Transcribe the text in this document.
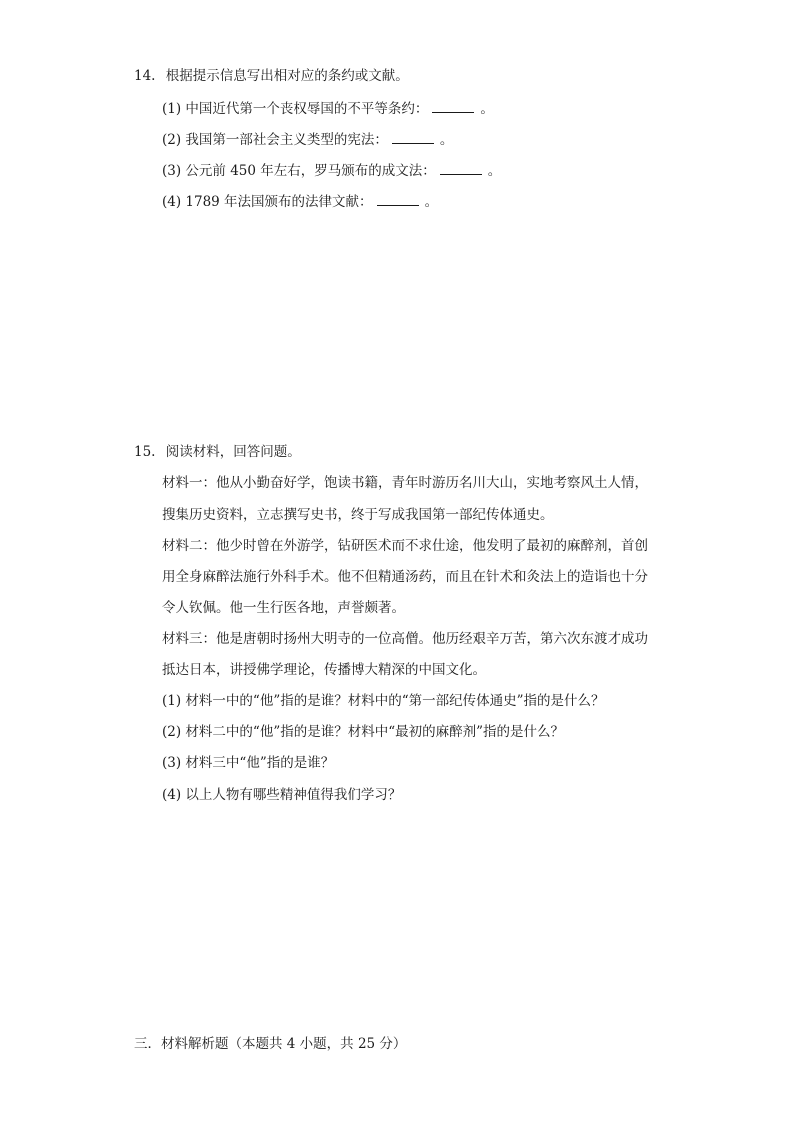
14. 根据提示信息写出相对应的条约或文献。
(1) 中国近代第一个丧权辱国的不平等条约：	。
(2) 我国第一部社会主义类型的宪法：	。
(3) 公元前 450 年左右，罗马颁布的成文法：	。
(4) 1789 年法国颁布的法律文献：	。
15. 阅读材料，回答问题。
材料一：他从小勤奋好学，饱读书籍，青年时游历名川大山，实地考察风土人情，
搜集历史资料，立志撰写史书，终于写成我国第一部纪传体通史。
材料二：他少时曾在外游学，钻研医术而不求仕途，他发明了最初的麻醉剂，首创
用全身麻醉法施行外科手术。他不但精通汤药，而且在针术和灸法上的造诣也十分
令人钦佩。他一生行医各地，声誉颇著。
材料三：他是唐朝时扬州大明寺的一位高僧。他历经艰辛万苦，第六次东渡才成功
抵达日本，讲授佛学理论，传播博大精深的中国文化。
(1) 材料一中的“他”指的是谁？材料中的“第一部纪传体通史”指的是什么？
(2) 材料二中的“他”指的是谁？材料中“最初的麻醉剂”指的是什么？
(3) 材料三中“他”指的是谁？
(4) 以上人物有哪些精神值得我们学习？
三．材料解析题（本题共 4 小题，共 25 分）
